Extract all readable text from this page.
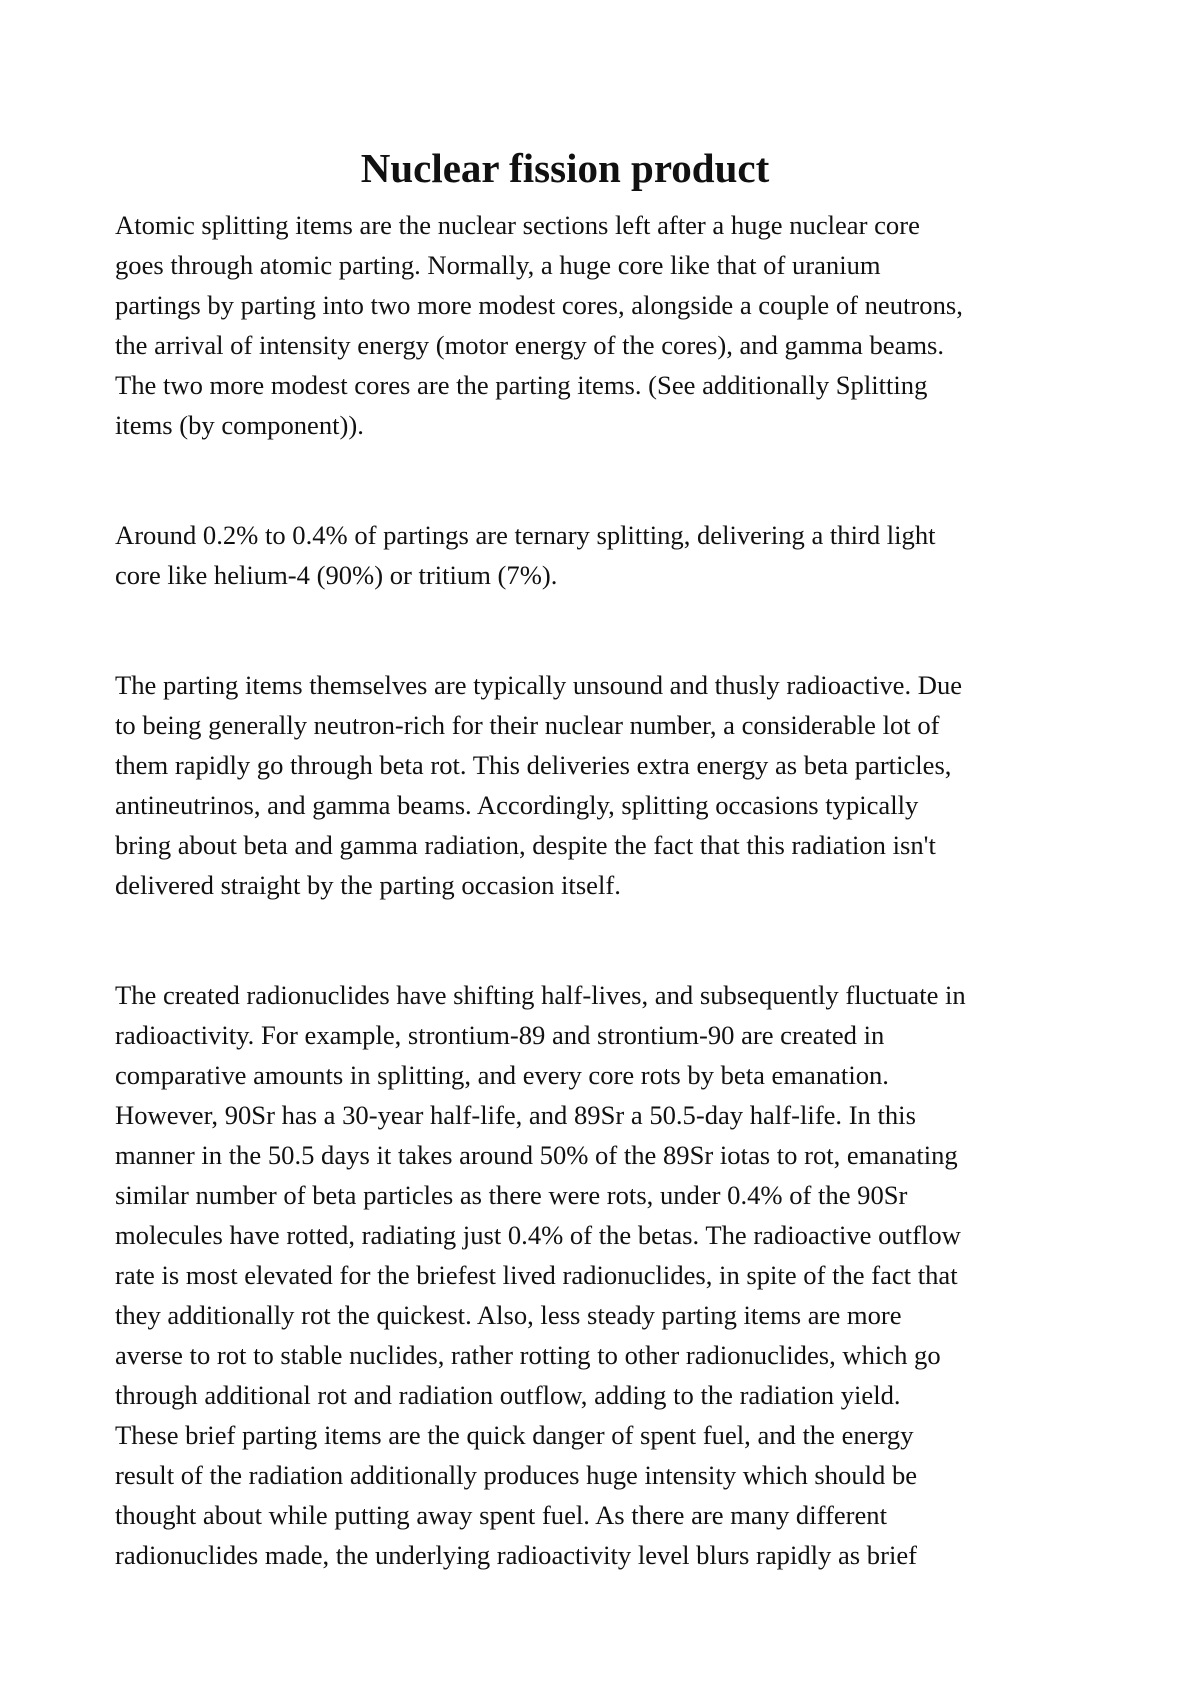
Nuclear fission product

Atomic splitting items are the nuclear sections left after a huge nuclear core
goes through atomic parting. Normally, a huge core like that of uranium
partings by parting into two more modest cores, alongside a couple of neutrons,
the arrival of intensity energy (motor energy of the cores), and gamma beams.
The two more modest cores are the parting items. (See additionally Splitting
items (by component)).

Around 0.2% to 0.4% of partings are ternary splitting, delivering a third light
core like helium-4 (90%) or tritium (7%).

The parting items themselves are typically unsound and thusly radioactive. Due
to being generally neutron-rich for their nuclear number, a considerable lot of
them rapidly go through beta rot. This deliveries extra energy as beta particles,
antineutrinos, and gamma beams. Accordingly, splitting occasions typically
bring about beta and gamma radiation, despite the fact that this radiation isn't
delivered straight by the parting occasion itself.

The created radionuclides have shifting half-lives, and subsequently fluctuate in
radioactivity. For example, strontium-89 and strontium-90 are created in
comparative amounts in splitting, and every core rots by beta emanation.
However, 90Sr has a 30-year half-life, and 89Sr a 50.5-day half-life. In this
manner in the 50.5 days it takes around 50% of the 89Sr iotas to rot, emanating
similar number of beta particles as there were rots, under 0.4% of the 90Sr
molecules have rotted, radiating just 0.4% of the betas. The radioactive outflow
rate is most elevated for the briefest lived radionuclides, in spite of the fact that
they additionally rot the quickest. Also, less steady parting items are more
averse to rot to stable nuclides, rather rotting to other radionuclides, which go
through additional rot and radiation outflow, adding to the radiation yield.
These brief parting items are the quick danger of spent fuel, and the energy
result of the radiation additionally produces huge intensity which should be
thought about while putting away spent fuel. As there are many different
radionuclides made, the underlying radioactivity level blurs rapidly as brief
